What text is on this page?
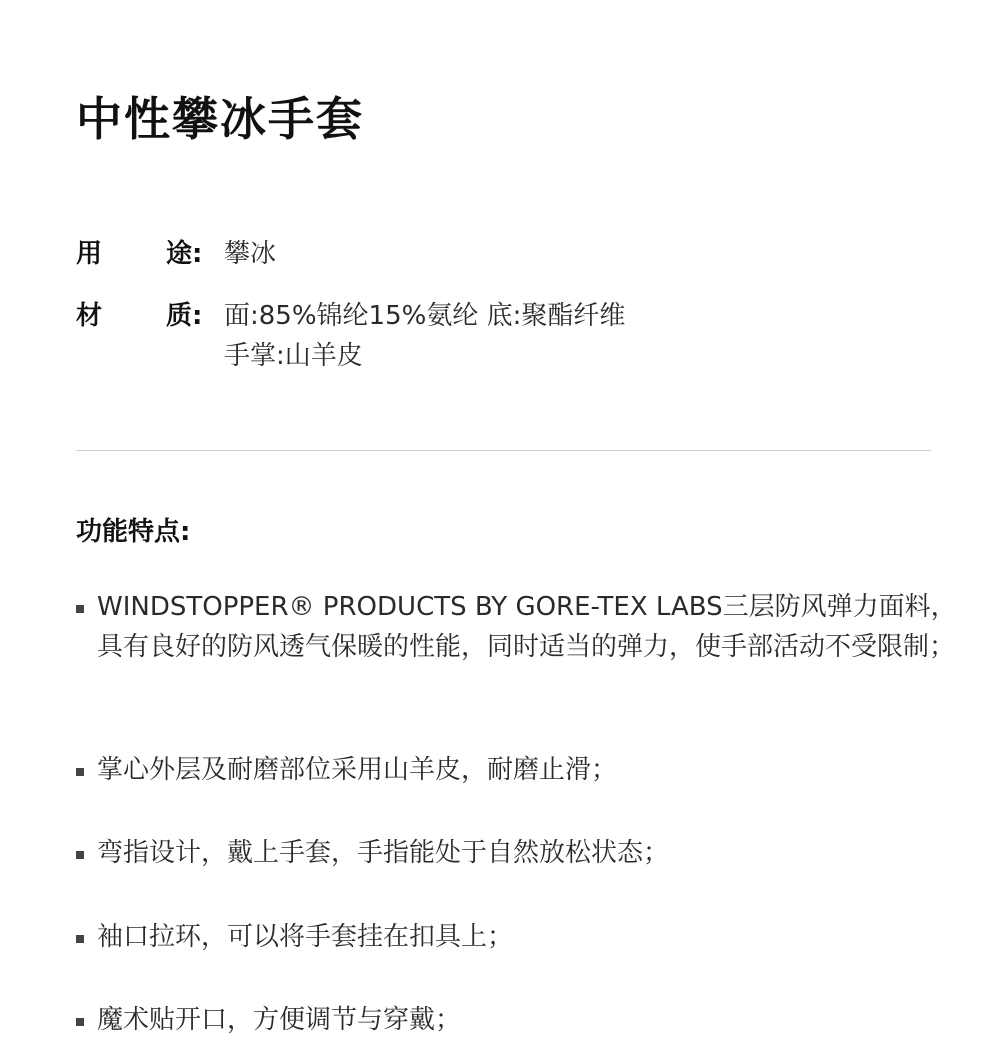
中性攀冰手套
用	途: 攀冰
材	质: 面:85%锦纶15%氨纶 底:聚酯纤维
手掌:山羊皮
功能特点:
WINDSTOPPER® PRODUCTS BY GORE-TEX LABS三层防风弹力面料，具有良好的防风透气保暖的性能，同时适当的弹力，使手部活动不受限制；
掌心外层及耐磨部位采用山羊皮，耐磨止滑；
弯指设计，戴上手套，手指能处于自然放松状态；
袖口拉环，可以将手套挂在扣具上；
魔术贴开口，方便调节与穿戴；
